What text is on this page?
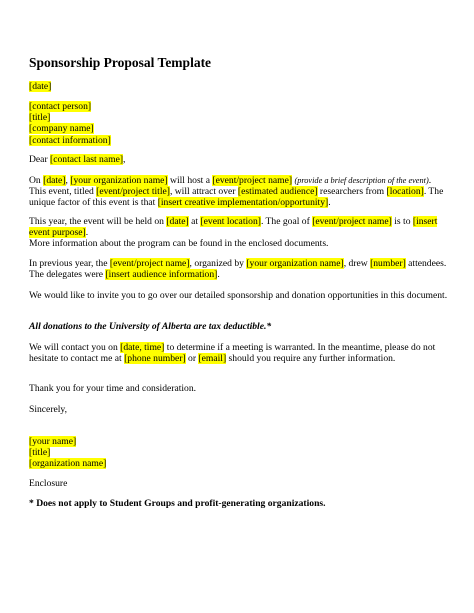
Sponsorship Proposal Template
[date]
[contact person]
[title]
[company name]
[contact information]
Dear [contact last name],
On [date], [your organization name] will host a [event/project name] (provide a brief description of the event). This event, titled [event/project title], will attract over [estimated audience] researchers from [location]. The unique factor of this event is that [insert creative implementation/opportunity].
This year, the event will be held on [date] at [event location]. The goal of [event/project name] is to [insert event purpose].
More information about the program can be found in the enclosed documents.
In previous year, the [event/project name], organized by [your organization name], drew [number] attendees. The delegates were [insert audience information].
We would like to invite you to go over our detailed sponsorship and donation opportunities in this document.
All donations to the University of Alberta are tax deductible.*
We will contact you on [date, time] to determine if a meeting is warranted. In the meantime, please do not hesitate to contact me at [phone number] or [email] should you require any further information.
Thank you for your time and consideration.
Sincerely,
[your name]
[title]
[organization name]
Enclosure
* Does not apply to Student Groups and profit-generating organizations.
